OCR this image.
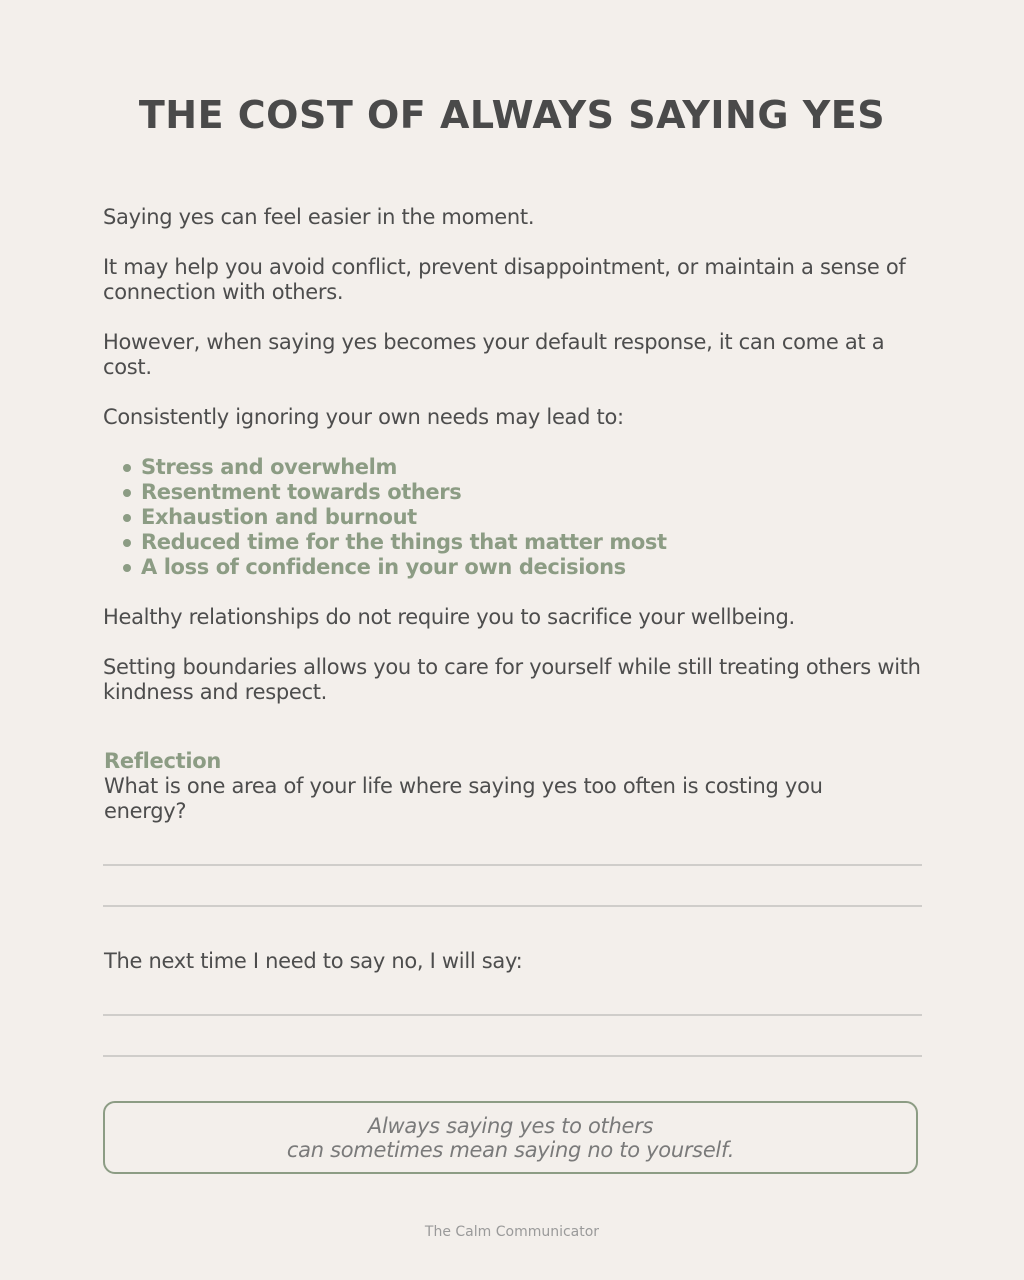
THE COST OF ALWAYS SAYING YES

Saying yes can feel easier in the moment.

It may help you avoid conflict, prevent disappointment, or maintain a sense of connection with others.

However, when saying yes becomes your default response, it can come at a cost.

Consistently ignoring your own needs may lead to:

Stress and overwhelm
Resentment towards others
Exhaustion and burnout
Reduced time for the things that matter most
A loss of confidence in your own decisions

Healthy relationships do not require you to sacrifice your wellbeing.

Setting boundaries allows you to care for yourself while still treating others with kindness and respect.

Reflection
What is one area of your life where saying yes too often is costing you energy?
The next time I need to say no, I will say:
Always saying yes to others
can sometimes mean saying no to yourself.
The Calm Communicator
